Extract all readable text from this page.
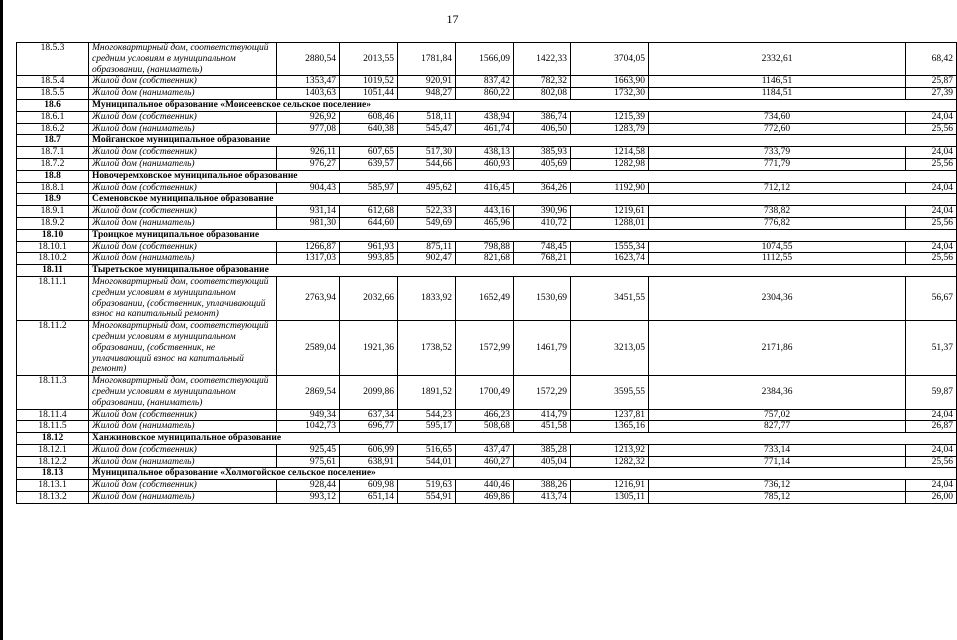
17
18.5.3	Многоквартирный дом, соответствующий средним условиям в муниципальном образовании, (наниматель)	2880,54	2013,55	1781,84	1566,09	1422,33	3704,05	2332,61	68,42
18.5.4	Жилой дом (собственник)	1353,47	1019,52	920,91	837,42	782,32	1663,90	1146,51	25,87
18.5.5	Жилой дом (наниматель)	1403,63	1051,44	948,27	860,22	802,08	1732,30	1184,51	27,39
18.6	Муниципальное образование «Моисеевское сельское поселение»								
18.6.1	Жилой дом (собственник)	926,92	608,46	518,11	438,94	386,74	1215,39	734,60	24,04
18.6.2	Жилой дом (наниматель)	977,08	640,38	545,47	461,74	406,50	1283,79	772,60	25,56
18.7	Мойганское муниципальное образование								
18.7.1	Жилой дом (собственник)	926,11	607,65	517,30	438,13	385,93	1214,58	733,79	24,04
18.7.2	Жилой дом (наниматель)	976,27	639,57	544,66	460,93	405,69	1282,98	771,79	25,56
18.8	Новочеремховское муниципальное образование								
18.8.1	Жилой дом (собственник)	904,43	585,97	495,62	416,45	364,26	1192,90	712,12	24,04
18.9	Семеновское муниципальное образование								
18.9.1	Жилой дом (собственник)	931,14	612,68	522,33	443,16	390,96	1219,61	738,82	24,04
18.9.2	Жилой дом (наниматель)	981,30	644,60	549,69	465,96	410,72	1288,01	776,82	25,56
18.10	Троицкое муниципальное образование								
18.10.1	Жилой дом (собственник)	1266,87	961,93	875,11	798,88	748,45	1555,34	1074,55	24,04
18.10.2	Жилой дом (наниматель)	1317,03	993,85	902,47	821,68	768,21	1623,74	1112,55	25,56
18.11	Тыретьское муниципальное образование								
18.11.1	Многоквартирный дом, соответствующий средним условиям в муниципальном образовании, (собственник, уплачивающий взнос на капитальный ремонт)	2763,94	2032,66	1833,92	1652,49	1530,69	3451,55	2304,36	56,67
18.11.2	Многоквартирный дом, соответствующий средним условиям в муниципальном образовании, (собственник, не уплачивающий взнос на капитальный ремонт)	2589,04	1921,36	1738,52	1572,99	1461,79	3213,05	2171,86	51,37
18.11.3	Многоквартирный дом, соответствующий средним условиям в муниципальном образовании, (наниматель)	2869,54	2099,86	1891,52	1700,49	1572,29	3595,55	2384,36	59,87
18.11.4	Жилой дом (собственник)	949,34	637,34	544,23	466,23	414,79	1237,81	757,02	24,04
18.11.5	Жилой дом (наниматель)	1042,73	696,77	595,17	508,68	451,58	1365,16	827,77	26,87
18.12	Ханжиновское муниципальное образование								
18.12.1	Жилой дом (собственник)	925,45	606,99	516,65	437,47	385,28	1213,92	733,14	24,04
18.12.2	Жилой дом (наниматель)	975,61	638,91	544,01	460,27	405,04	1282,32	771,14	25,56
18.13	Муниципальное образование «Холмогойское сельское поселение»								
18.13.1	Жилой дом (собственник)	928,44	609,98	519,63	440,46	388,26	1216,91	736,12	24,04
18.13.2	Жилой дом (наниматель)	993,12	651,14	554,91	469,86	413,74	1305,11	785,12	26,00
